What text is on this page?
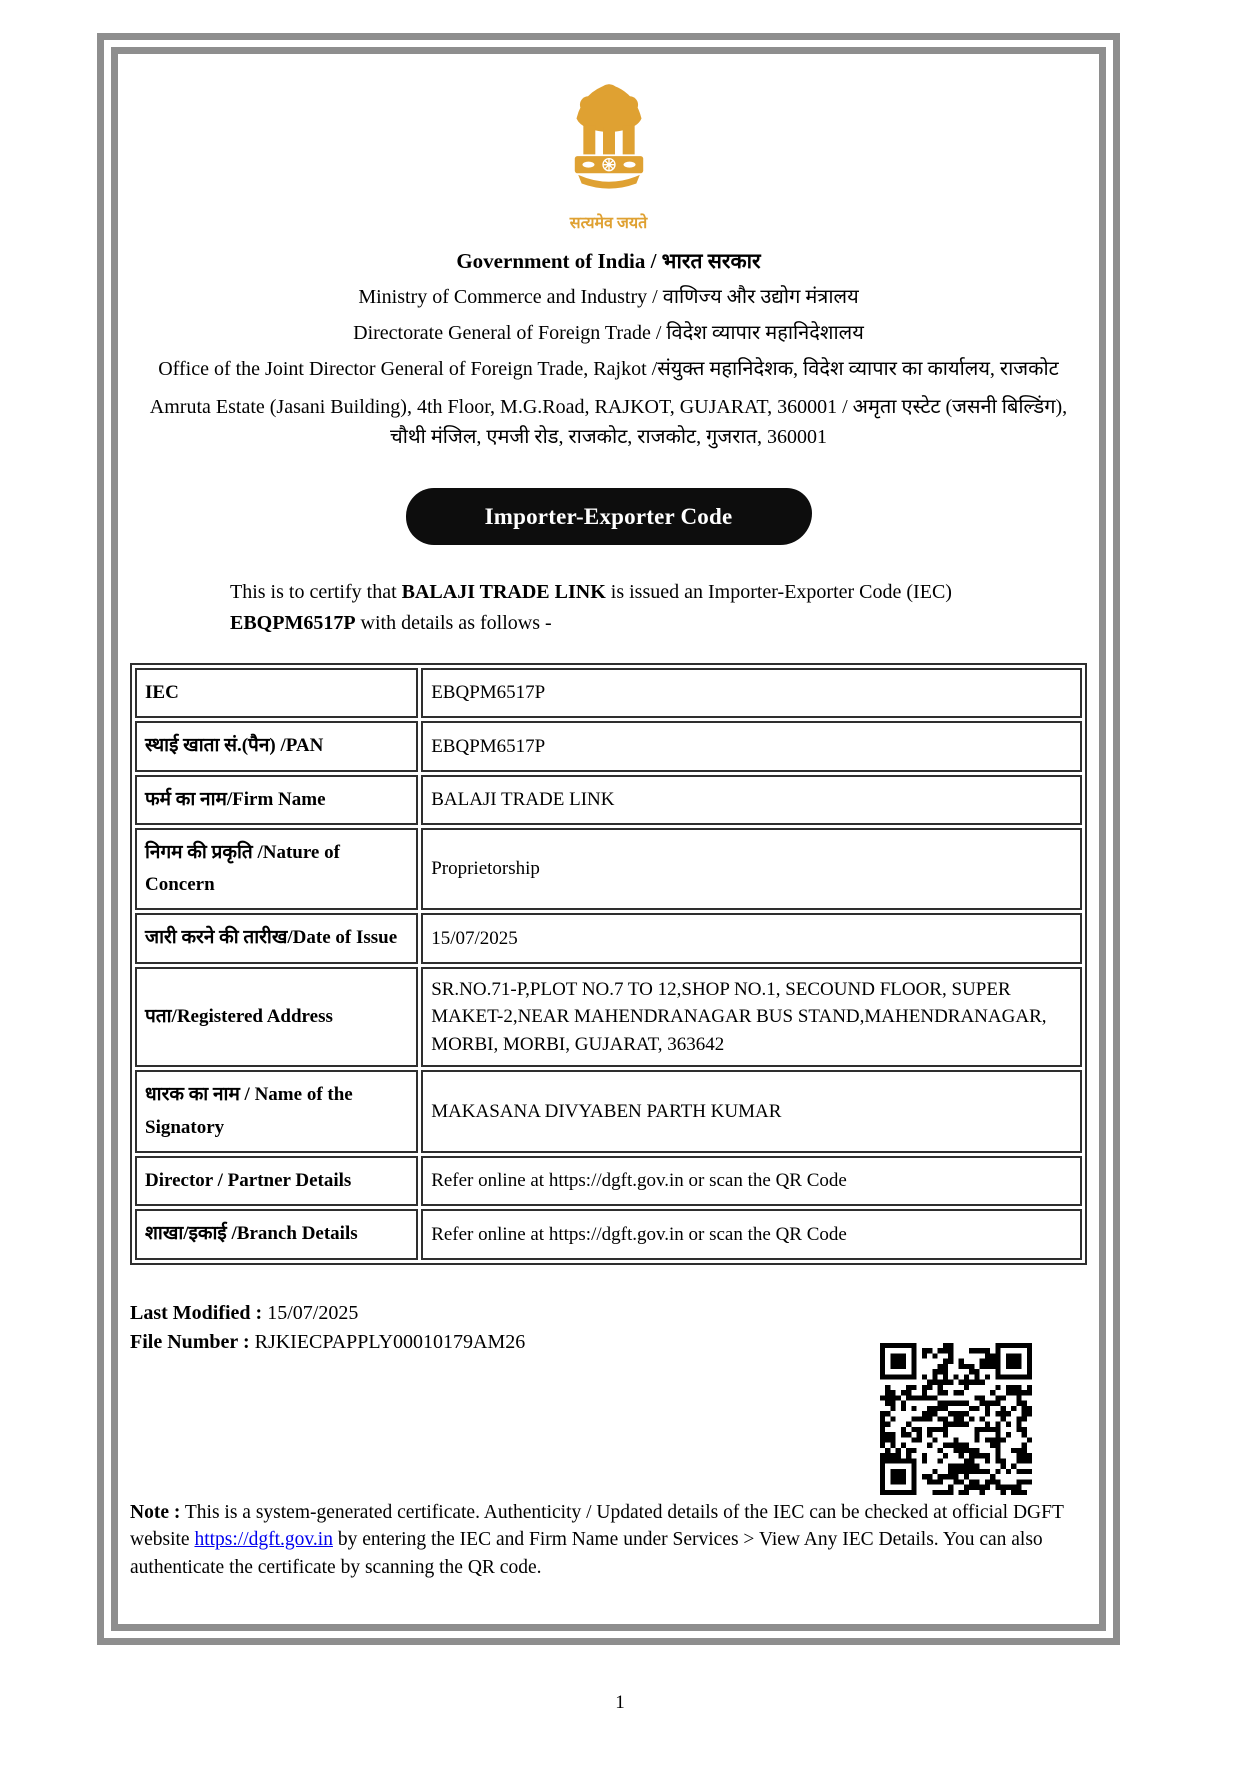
सत्यमेव जयते

Government of India / भारत सरकार

Ministry of Commerce and Industry / वाणिज्य और उद्योग मंत्रालय

Directorate General of Foreign Trade / विदेश व्यापार महानिदेशालय

Office of the Joint Director General of Foreign Trade, Rajkot /संयुक्त महानिदेशक, विदेश व्यापार का कार्यालय, राजकोट

Amruta Estate (Jasani Building), 4th Floor, M.G.Road, RAJKOT, GUJARAT, 360001 / अमृता एस्टेट (जसनी बिल्डिंग), चौथी मंजिल, एमजी रोड, राजकोट, राजकोट, गुजरात, 360001

Importer-Exporter Code

This is to certify that BALAJI TRADE LINK is issued an Importer-Exporter Code (IEC) EBQPM6517P with details as follows -

IEC	EBQPM6517P
स्थाई खाता सं.(पैन) /PAN	EBQPM6517P
फर्म का नाम/Firm Name	BALAJI TRADE LINK
निगम की प्रकृति /Nature of Concern	Proprietorship
जारी करने की तारीख/Date of Issue	15/07/2025
पता/Registered Address	SR.NO.71-P,PLOT NO.7 TO 12,SHOP NO.1, SECOUND FLOOR, SUPER MAKET-2,NEAR MAHENDRANAGAR BUS STAND,MAHENDRANAGAR, MORBI, MORBI, GUJARAT, 363642
धारक का नाम / Name of the Signatory	MAKASANA DIVYABEN PARTH KUMAR
Director / Partner Details	Refer online at https://dgft.gov.in or scan the QR Code
शाखा/इकाई /Branch Details	Refer online at https://dgft.gov.in or scan the QR Code

Last Modified : 15/07/2025

File Number : RJKIECPAPPLY00010179AM26

Note : This is a system-generated certificate. Authenticity / Updated details of the IEC can be checked at official DGFT website https://dgft.gov.in by entering the IEC and Firm Name under Services > View Any IEC Details. You can also authenticate the certificate by scanning the QR code.

1
